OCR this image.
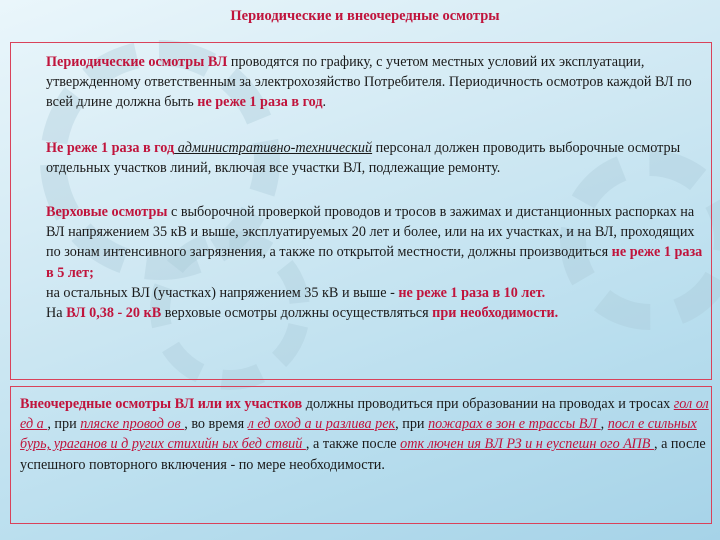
Периодические и внеочередные осмотры
Периодические осмотры ВЛ проводятся по графику, с учетом местных условий их эксплуатации, утвержденному ответственным за электрохозяйство Потребителя. Периодичность осмотров каждой ВЛ по всей длине должна быть не реже 1 раза в год.
Не реже 1 раза в год административно-технический персонал должен проводить выборочные осмотры отдельных участков линий, включая все участки ВЛ, подлежащие ремонту.
Верховые осмотры с выборочной проверкой проводов и тросов в зажимах и дистанционных распорках на ВЛ напряжением 35 кВ и выше, эксплуатируемых 20 лет и более, или на их участках, и на ВЛ, проходящих по зонам интенсивного загрязнения, а также по открытой местности, должны производиться не реже 1 раза в 5 лет;
на остальных ВЛ (участках) напряжением 35 кВ и выше - не реже 1 раза в 10 лет.
На ВЛ 0,38 - 20 кВ верховые осмотры должны осуществляться при необходимости.
Внеочередные осмотры ВЛ или их участков должны проводиться при образовании на проводах и тросах гол ол ед а , при пляске провод ов , во время л ед оход а и разлива рек, при пожарах в зон е трассы ВЛ , посл е сильных бурь, ураганов и д ругих стихийн ых бед ствий , а также после отк лючен ия ВЛ РЗ и н еуспешн ого АПВ , а после успешного повторного включения - по мере необходимости.
